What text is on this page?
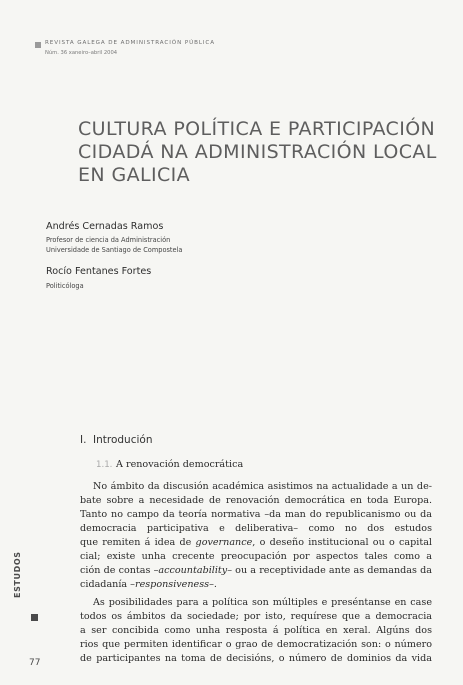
REVISTA GALEGA DE ADMINISTRACIÓN PÚBLICA
Núm. 36 xaneiro–abril 2004
CULTURA POLÍTICA E PARTICIPACIÓN
CIDADÁ NA ADMINISTRACIÓN LOCAL
EN GALICIA
Andrés Cernadas Ramos
Profesor de ciencia da Administración
Universidade de Santiago de Compostela
Rocío Fentanes Fortes
Politicóloga
I. Introdución
1.1. A renovación democrática
No ámbito da discusión académica asistimos na actualidade a un de-
bate sobre a necesidade de renovación democrática en toda Europa.
Tanto no campo da teoría normativa –da man do republicanismo ou da
democracia participativa e deliberativa– como no dos estudos
que remiten á idea de governance, o deseño institucional ou o capital
cial; existe unha crecente preocupación por aspectos tales como a
ción de contas –accountability– ou a receptividade ante as demandas da
cidadanía –responsiveness–.
As posibilidades para a política son múltiples e preséntanse en case
todos os ámbitos da sociedade; por isto, requírese que a democracia
a ser concibida como unha resposta á política en xeral. Algúns dos
rios que permiten identificar o grao de democratización son: o número
de participantes na toma de decisións, o número de dominios da vida
ESTUDOS
77
